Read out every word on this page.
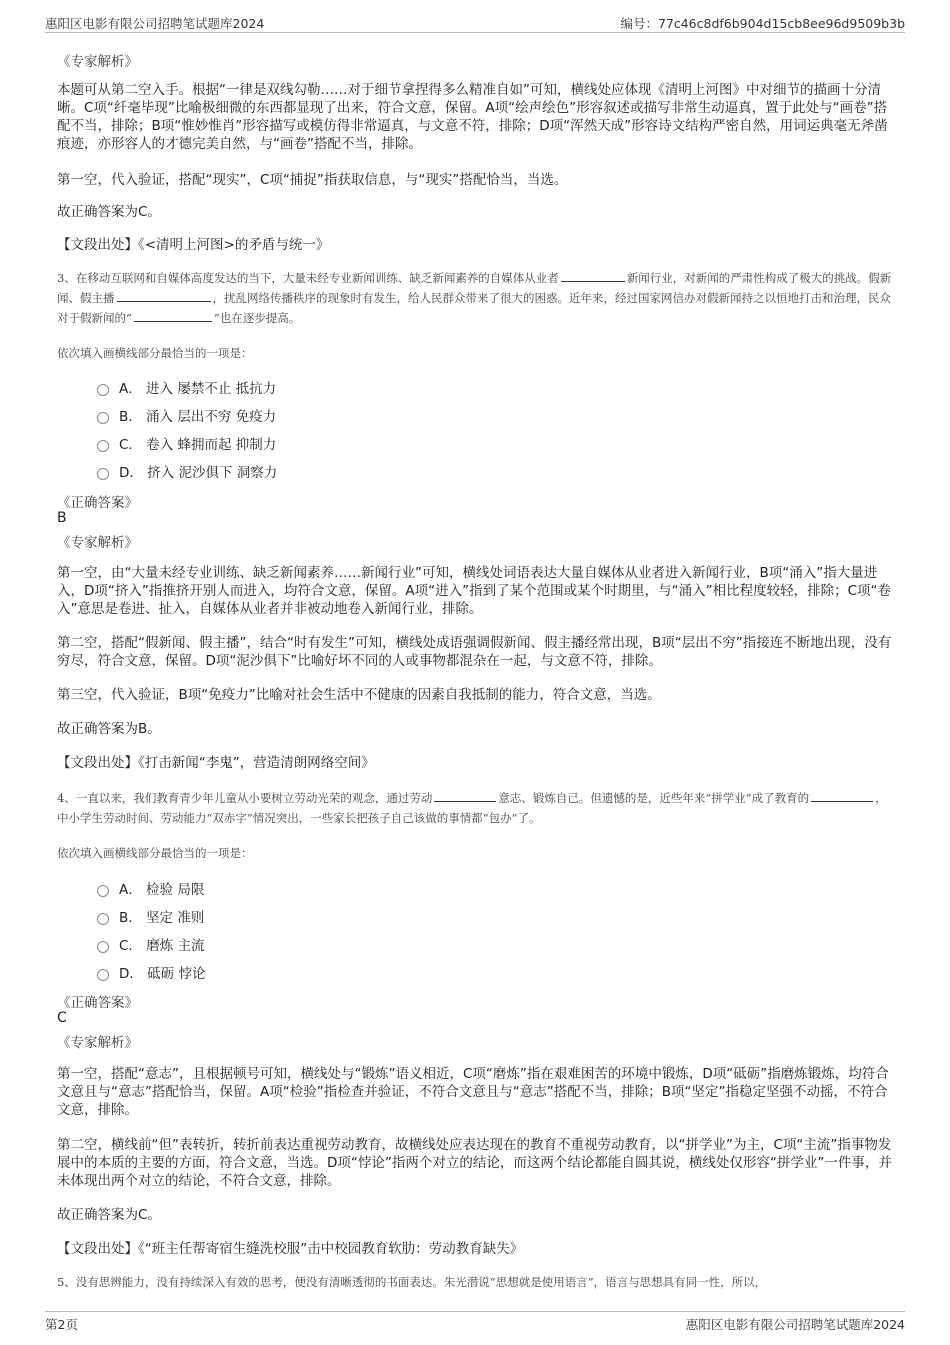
惠阳区电影有限公司招聘笔试题库2024	编号：77c46c8df6b904d15cb8ee96d9509b3b
《专家解析》
本题可从第二空入手。根据“一律是双线勾勒……对于细节拿捏得多么精准自如”可知，横线处应体现《清明上河图》中对细节的描画十分清晰。C项“纤毫毕现”比喻极细微的东西都显现了出来，符合文意，保留。A项“绘声绘色”形容叙述或描写非常生动逼真，置于此处与“画卷”搭配不当，排除；B项“惟妙惟肖”形容描写或模仿得非常逼真，与文意不符，排除；D项“浑然天成”形容诗文结构严密自然，用词运典毫无斧凿痕迹，亦形容人的才德完美自然，与“画卷”搭配不当，排除。
第一空，代入验证，搭配“现实”，C项“捕捉”指获取信息，与“现实”搭配恰当，当选。
故正确答案为C。
【文段出处】《<清明上河图>的矛盾与统一》
3、在移动互联网和自媒体高度发达的当下，大量未经专业新闻训练、缺乏新闻素养的自媒体从业者	新闻行业，对新闻的严肃性构成了极大的挑战。假新闻、假主播	，扰乱网络传播秩序的现象时有发生，给人民群众带来了很大的困惑。近年来，经过国家网信办对假新闻持之以恒地打击和治理，民众对于假新闻的“	”也在逐步提高。
依次填入画横线部分最恰当的一项是：
A． 进入 屡禁不止 抵抗力
B． 涌入 层出不穷 免疫力
C． 卷入 蜂拥而起 抑制力
D． 挤入 泥沙俱下 洞察力
《正确答案》
B
《专家解析》
第一空，由“大量未经专业训练、缺乏新闻素养……新闻行业”可知，横线处词语表达大量自媒体从业者进入新闻行业，B项“涌入”指大量进入，D项“挤入”指推挤开别人而进入，均符合文意，保留。A项“进入”指到了某个范围或某个时期里，与“涌入”相比程度较轻，排除；C项“卷入”意思是卷进、扯入，自媒体从业者并非被动地卷入新闻行业，排除。
第二空，搭配“假新闻、假主播”，结合“时有发生”可知，横线处成语强调假新闻、假主播经常出现，B项“层出不穷”指接连不断地出现，没有穷尽，符合文意，保留。D项“泥沙俱下”比喻好坏不同的人或事物都混杂在一起，与文意不符，排除。
第三空，代入验证，B项“免疫力”比喻对社会生活中不健康的因素自我抵制的能力，符合文意，当选。
故正确答案为B。
【文段出处】《打击新闻“李鬼”，营造清朗网络空间》
4、一直以来，我们教育青少年儿童从小要树立劳动光荣的观念，通过劳动	意志、锻炼自己。但遗憾的是，近些年来“拼学业”成了教育的	，中小学生劳动时间、劳动能力“双赤字”情况突出，一些家长把孩子自己该做的事情都“包办”了。
依次填入画横线部分最恰当的一项是：
A． 检验 局限
B． 坚定 准则
C． 磨炼 主流
D． 砥砺 悖论
《正确答案》
C
《专家解析》
第一空，搭配“意志”，且根据顿号可知，横线处与“锻炼”语义相近，C项“磨炼”指在艰难困苦的环境中锻炼，D项“砥砺”指磨炼锻炼，均符合文意且与“意志”搭配恰当，保留。A项“检验”指检查并验证，不符合文意且与“意志”搭配不当，排除；B项“坚定”指稳定坚强不动摇，不符合文意，排除。
第二空，横线前“但”表转折，转折前表达重视劳动教育，故横线处应表达现在的教育不重视劳动教育，以“拼学业”为主，C项“主流”指事物发展中的本质的主要的方面，符合文意，当选。D项“悖论”指两个对立的结论，而这两个结论都能自圆其说，横线处仅形容“拼学业”一件事，并未体现出两个对立的结论，不符合文意，排除。
故正确答案为C。
【文段出处】《“班主任帮寄宿生缝洗校服”击中校园教育软肋：劳动教育缺失》
5、没有思辨能力，没有持续深入有效的思考，便没有清晰透彻的书面表达。朱光潜说“思想就是使用语言”，语言与思想具有同一性，所以，
第2页	惠阳区电影有限公司招聘笔试题库2024
